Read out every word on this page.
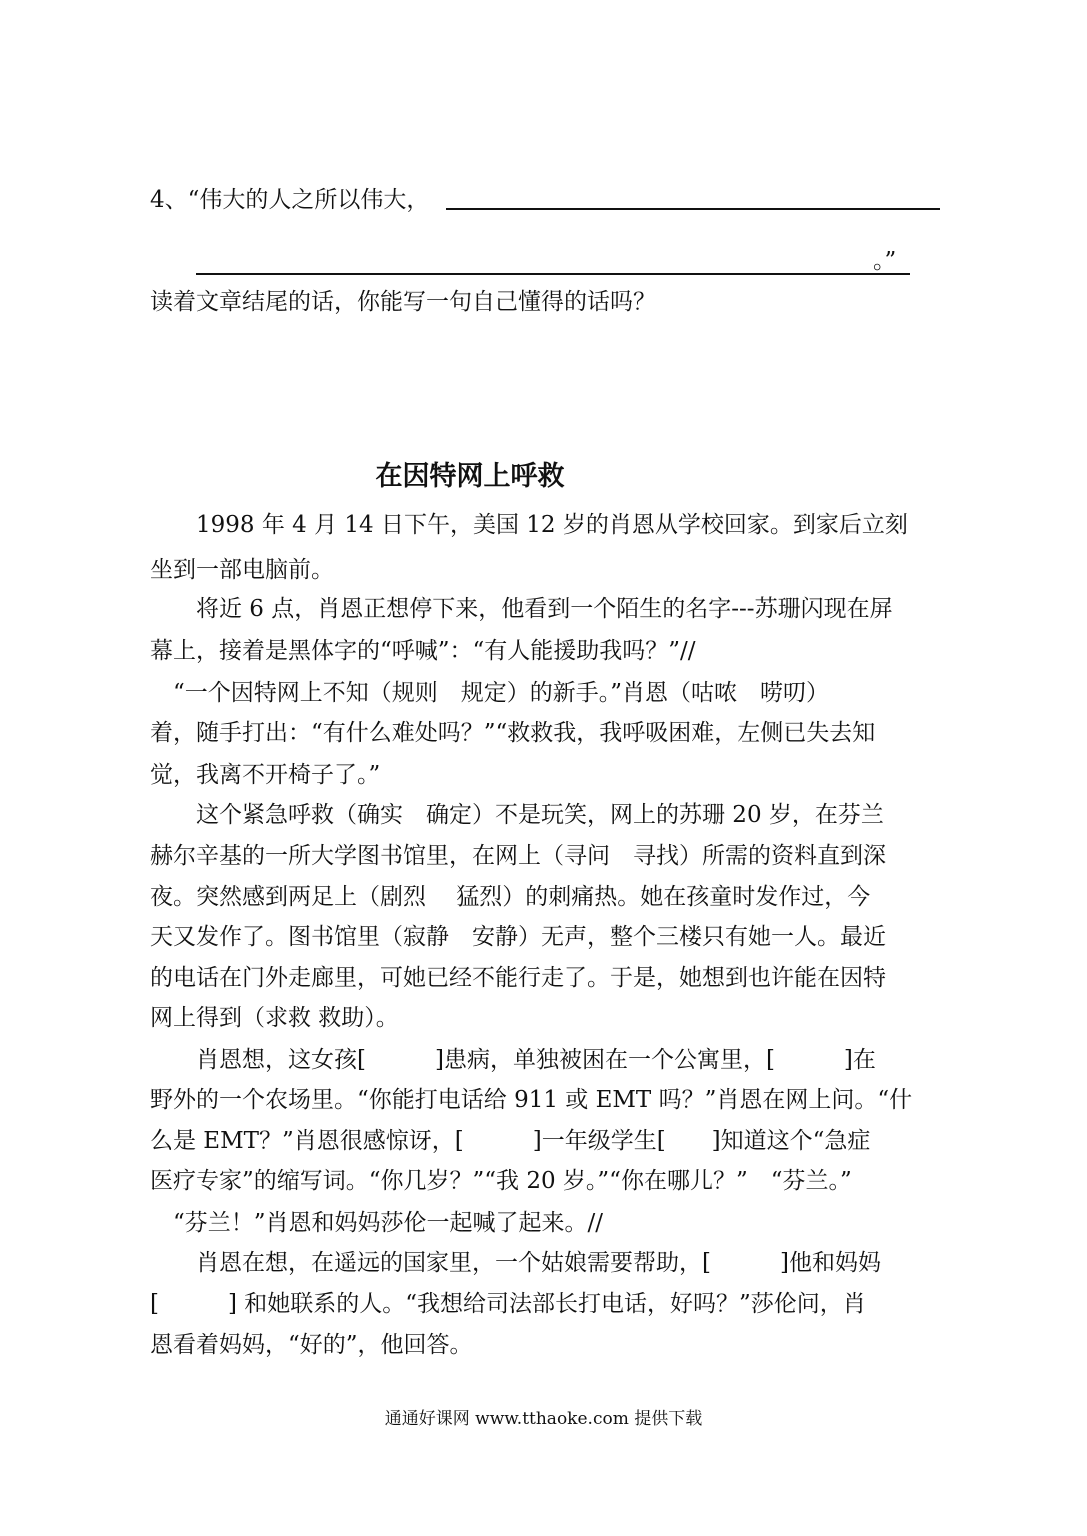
4、“伟大的人之所以伟大，
。”
读着文章结尾的话，你能写一句自己懂得的话吗？
在因特网上呼救
　　1998 年 4 月 14 日下午，美国 12 岁的肖恩从学校回家。到家后立刻
坐到一部电脑前。
　　将近 6 点，肖恩正想停下来，他看到一个陌生的名字---苏珊闪现在屏
幕上，接着是黑体字的“呼喊”：“有人能援助我吗？”//
　“一个因特网上不知（规则　规定）的新手。”肖恩（咕哝　唠叨）
着，随手打出：“有什么难处吗？”“救救我，我呼吸困难，左侧已失去知
觉，我离不开椅子了。”
　　这个紧急呼救（确实　确定）不是玩笑，网上的苏珊 20 岁，在芬兰
赫尔辛基的一所大学图书馆里，在网上（寻问　寻找）所需的资料直到深
夜。突然感到两足上（剧烈　 猛烈）的刺痛热。她在孩童时发作过，今
天又发作了。图书馆里（寂静　安静）无声，整个三楼只有她一人。最近
的电话在门外走廊里，可她已经不能行走了。于是，她想到也许能在因特
网上得到（求救 救助）。
　　肖恩想，这女孩[　　　]患病，单独被困在一个公寓里，[　　　]在
野外的一个农场里。“你能打电话给 911 或 EMT 吗？”肖恩在网上问。“什
么是 EMT？”肖恩很感惊讶，[　　　]一年级学生[　　]知道这个“急症
医疗专家”的缩写词。“你几岁？”“我 20 岁。”“你在哪儿？”　“芬兰。”
　“芬兰！”肖恩和妈妈莎伦一起喊了起来。//
　　肖恩在想，在遥远的国家里，一个姑娘需要帮助，[　　　]他和妈妈
[　　　] 和她联系的人。“我想给司法部长打电话，好吗？”莎伦问，肖
恩看着妈妈，“好的”，他回答。
通通好课网 www.tthaoke.com 提供下载
